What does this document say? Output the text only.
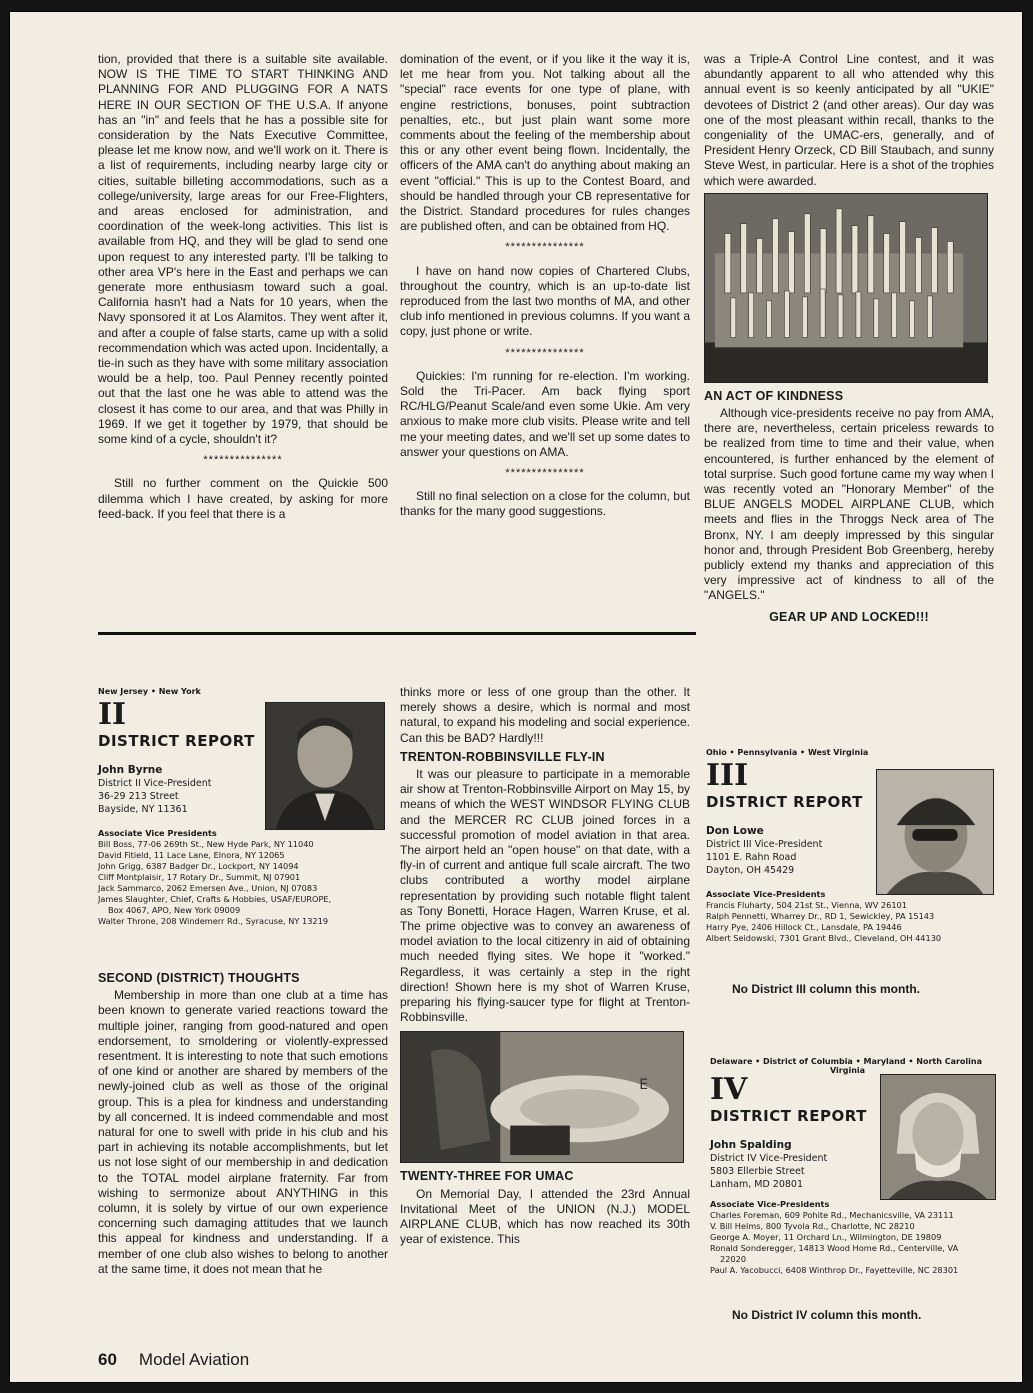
tion, provided that there is a suitable site available. NOW IS THE TIME TO START THINKING AND PLANNING FOR AND PLUGGING FOR A NATS HERE IN OUR SECTION OF THE U.S.A. If anyone has an "in" and feels that he has a possible site for consideration by the Nats Executive Committee, please let me know now, and we'll work on it. There is a list of requirements, including nearby large city or cities, suitable billeting accommodations, such as a college/university, large areas for our Free-Flighters, and areas enclosed for administration, and coordination of the week-long activities. This list is available from HQ, and they will be glad to send one upon request to any interested party. I'll be talking to other area VP's here in the East and perhaps we can generate more enthusiasm toward such a goal. California hasn't had a Nats for 10 years, when the Navy sponsored it at Los Alamitos. They went after it, and after a couple of false starts, came up with a solid recommendation which was acted upon. Incidentally, a tie-in such as they have with some military association would be a help, too. Paul Penney recently pointed out that the last one he was able to attend was the closest it has come to our area, and that was Philly in 1969. If we get it together by 1979, that should be some kind of a cycle, shouldn't it?

***************

Still no further comment on the Quickie 500 dilemma which I have created, by asking for more feed-back. If you feel that there is a

domination of the event, or if you like it the way it is, let me hear from you. Not talking about all the "special" race events for one type of plane, with engine restrictions, bonuses, point subtraction penalties, etc., but just plain want some more comments about the feeling of the membership about this or any other event being flown. Incidentally, the officers of the AMA can't do anything about making an event "official." This is up to the Contest Board, and should be handled through your CB representative for the District. Standard procedures for rules changes are published often, and can be obtained from HQ.

***************

I have on hand now copies of Chartered Clubs, throughout the country, which is an up-to-date list reproduced from the last two months of MA, and other club info mentioned in previous columns. If you want a copy, just phone or write.

***************

Quickies: I'm running for re-election. I'm working. Sold the Tri-Pacer. Am back flying sport RC/HLG/Peanut Scale/and even some Ukie. Am very anxious to make more club visits. Please write and tell me your meeting dates, and we'll set up some dates to answer your questions on AMA.

***************

Still no final selection on a close for the column, but thanks for the many good suggestions.

was a Triple-A Control Line contest, and it was abundantly apparent to all who attended why this annual event is so keenly anticipated by all "UKIE" devotees of District 2 (and other areas). Our day was one of the most pleasant within recall, thanks to the congeniality of the UMAC-ers, generally, and of President Henry Orzeck, CD Bill Staubach, and sunny Steve West, in particular. Here is a shot of the trophies which were awarded.

AN ACT OF KINDNESS

Although vice-presidents receive no pay from AMA, there are, nevertheless, certain priceless rewards to be realized from time to time and their value, when encountered, is further enhanced by the element of total surprise. Such good fortune came my way when I was recently voted an "Honorary Member" of the BLUE ANGELS MODEL AIRPLANE CLUB, which meets and flies in the Throggs Neck area of The Bronx, NY. I am deeply impressed by this singular honor and, through President Bob Greenberg, hereby publicly extend my thanks and appreciation of this very impressive act of kindness to all of the "ANGELS."

GEAR UP AND LOCKED!!!
New Jersey • New York
II
DISTRICT REPORT
John Byrne
District II Vice-President
36-29 213 Street
Bayside, NY 11361
Associate Vice Presidents
Bill Boss, 77-06 269th St., New Hyde Park, NY 11040
David Fitield, 11 Lace Lane, Elnora, NY 12065
John Grigg, 6387 Badger Dr., Lockport, NY 14094
Cliff Montplaisir, 17 Rotary Dr., Summit, NJ 07901
Jack Sammarco, 2062 Emersen Ave., Union, NJ 07083
James Slaughter, Chief, Crafts & Hobbies, USAF/EUROPE,
Box 4067, APO, New York 09009
Walter Throne, 208 Windemerr Rd., Syracuse, NY 13219
SECOND (DISTRICT) THOUGHTS

Membership in more than one club at a time has been known to generate varied reactions toward the multiple joiner, ranging from good-natured and open endorsement, to smoldering or violently-expressed resentment. It is interesting to note that such emotions of one kind or another are shared by members of the newly-joined club as well as those of the original group. This is a plea for kindness and understanding by all concerned. It is indeed commendable and most natural for one to swell with pride in his club and his part in achieving its notable accomplishments, but let us not lose sight of our membership in and dedication to the TOTAL model airplane fraternity. Far from wishing to sermonize about ANYTHING in this column, it is solely by virtue of our own experience concerning such damaging attitudes that we launch this appeal for kindness and understanding. If a member of one club also wishes to belong to another at the same time, it does not mean that he

thinks more or less of one group than the other. It merely shows a desire, which is normal and most natural, to expand his modeling and social experience. Can this be BAD? Hardly!!!

TRENTON-ROBBINSVILLE FLY-IN

It was our pleasure to participate in a memorable air show at Trenton-Robbinsville Airport on May 15, by means of which the WEST WINDSOR FLYING CLUB and the MERCER RC CLUB joined forces in a successful promotion of model aviation in that area. The airport held an "open house" on that date, with a fly-in of current and antique full scale aircraft. The two clubs contributed a worthy model airplane representation by providing such notable flight talent as Tony Bonetti, Horace Hagen, Warren Kruse, et al. The prime objective was to convey an awareness of model aviation to the local citizenry in aid of obtaining much needed flying sites. We hope it "worked." Regardless, it was certainly a step in the right direction! Shown here is my shot of Warren Kruse, preparing his flying-saucer type for flight at Trenton-Robbinsville.

E
TWENTY-THREE FOR UMAC

On Memorial Day, I attended the 23rd Annual Invitational Meet of the UNION (N.J.) MODEL AIRPLANE CLUB, which has now reached its 30th year of existence. This

Ohio • Pennsylvania • West Virginia
III
DISTRICT REPORT
Don Lowe
District III Vice-President
1101 E. Rahn Road
Dayton, OH 45429
Associate Vice-Presidents
Francis Fluharty, 504 21st St., Vienna, WV 26101
Ralph Pennetti, Wharrey Dr., RD 1, Sewickley, PA 15143
Harry Pye, 2406 Hillock Ct., Lansdale, PA 19446
Albert Seidowski, 7301 Grant Blvd., Cleveland, OH 44130
No District III column this month.
Delaware • District of Columbia • Maryland • North Carolina
Virginia
IV
DISTRICT REPORT
John Spalding
District IV Vice-President
5803 Ellerbie Street
Lanham, MD 20801
Associate Vice-Presidents
Charles Foreman, 609 Pohite Rd., Mechanicsville, VA 23111
V. Bill Helms, 800 Tyvola Rd., Charlotte, NC 28210
George A. Moyer, 11 Orchard Ln., Wilmington, DE 19809
Ronald Sonderegger, 14813 Wood Home Rd., Centerville, VA
22020
Paul A. Yacobucci, 6408 Winthrop Dr., Fayetteville, NC 28301
No District IV column this month.
60 Model Aviation
